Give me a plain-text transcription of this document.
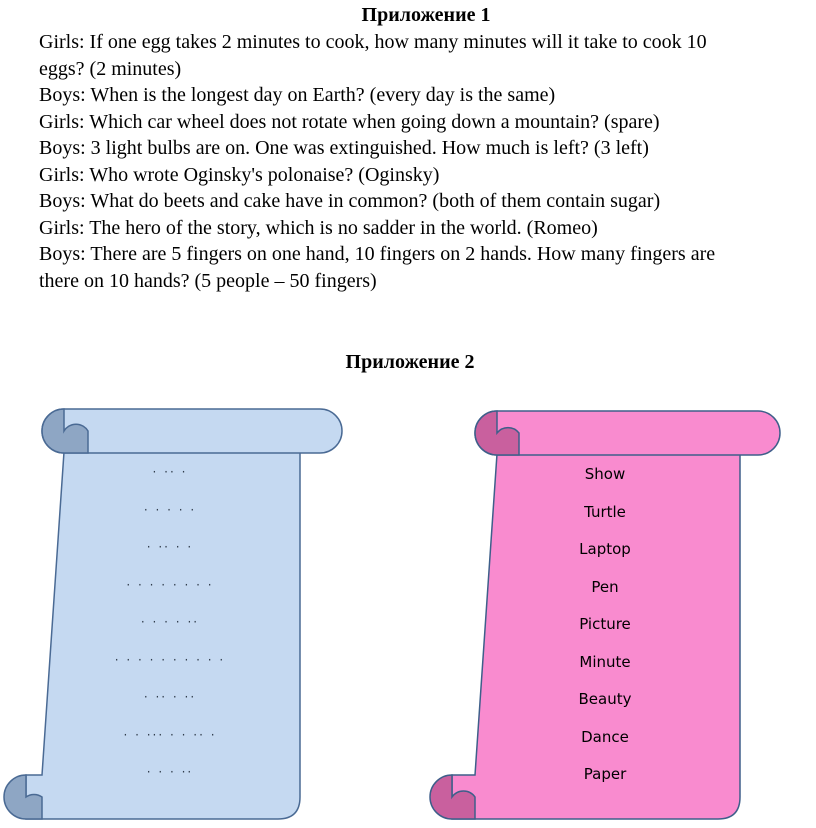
Приложение 1
Girls: If one egg takes 2 minutes to cook, how many minutes will it take to cook 10
eggs? (2 minutes)
Boys: When is the longest day on Earth? (every day is the same)
Girls: Which car wheel does not rotate when going down a mountain? (spare)
Boys: 3 light bulbs are on. One was extinguished. How much is left? (3 left)
Girls: Who wrote Oginsky's polonaise? (Oginsky)
Boys: What do beets and cake have in common? (both of them contain sugar)
Girls: The hero of the story, which is no sadder in the world. (Romeo)
Boys: There are 5 fingers on one hand, 10 fingers on 2 hands. How many fingers are
there on 10 hands? (5 people – 50 fingers)
Приложение 2
· ·· ·
· · · · ·
· ·· · ·
· · · · · · · ·
· · · · ··
· · · · · · · · · ·
· ·· · ··
· · ··· · · ·· ·
· · · ··
Show
Turtle
Laptop
Pen
Picture
Minute
Beauty
Dance
Paper
